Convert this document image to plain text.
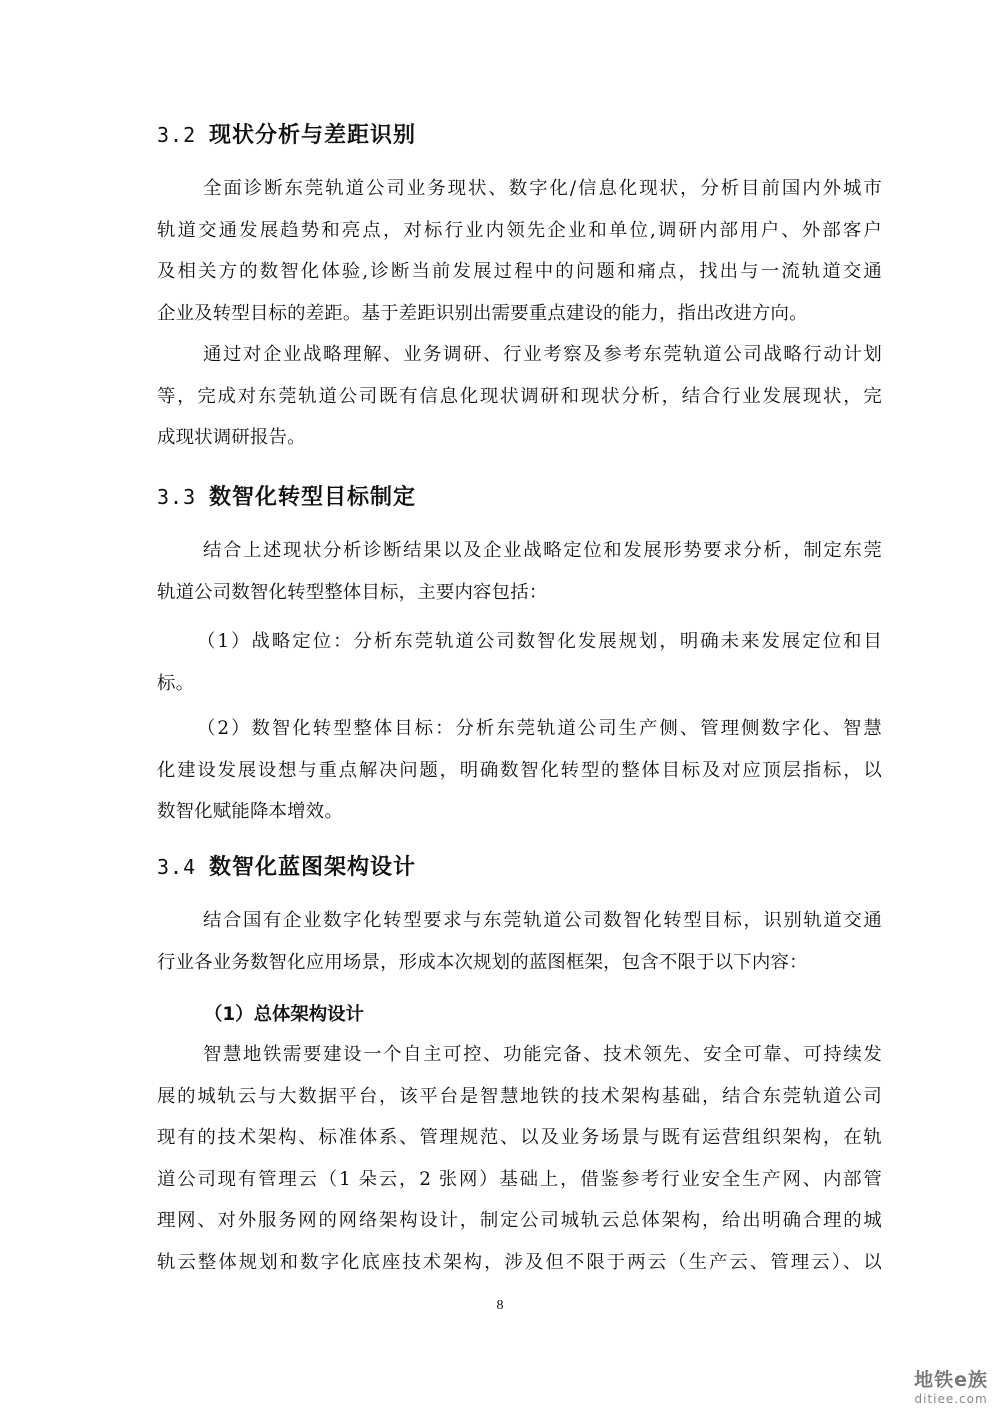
3.2 现状分析与差距识别
全面诊断东莞轨道公司业务现状、数字化/信息化现状，分析目前国内外城市
轨道交通发展趋势和亮点，对标行业内领先企业和单位,调研内部用户、外部客户
及相关方的数智化体验,诊断当前发展过程中的问题和痛点，找出与一流轨道交通
企业及转型目标的差距。基于差距识别出需要重点建设的能力，指出改进方向。
通过对企业战略理解、业务调研、行业考察及参考东莞轨道公司战略行动计划
等，完成对东莞轨道公司既有信息化现状调研和现状分析，结合行业发展现状，完
成现状调研报告。
3.3 数智化转型目标制定
结合上述现状分析诊断结果以及企业战略定位和发展形势要求分析，制定东莞
轨道公司数智化转型整体目标，主要内容包括：
（1）战略定位：分析东莞轨道公司数智化发展规划，明确未来发展定位和目
标。
（2）数智化转型整体目标：分析东莞轨道公司生产侧、管理侧数字化、智慧
化建设发展设想与重点解决问题，明确数智化转型的整体目标及对应顶层指标，以
数智化赋能降本增效。
3.4 数智化蓝图架构设计
结合国有企业数字化转型要求与东莞轨道公司数智化转型目标，识别轨道交通
行业各业务数智化应用场景，形成本次规划的蓝图框架，包含不限于以下内容：
（1）总体架构设计
智慧地铁需要建设一个自主可控、功能完备、技术领先、安全可靠、可持续发
展的城轨云与大数据平台，该平台是智慧地铁的技术架构基础，结合东莞轨道公司
现有的技术架构、标准体系、管理规范、以及业务场景与既有运营组织架构，在轨
道公司现有管理云（1 朵云，2 张网）基础上，借鉴参考行业安全生产网、内部管
理网、对外服务网的网络架构设计，制定公司城轨云总体架构，给出明确合理的城
轨云整体规划和数字化底座技术架构，涉及但不限于两云（生产云、管理云）、以
8
地铁e族
ditiee.com
